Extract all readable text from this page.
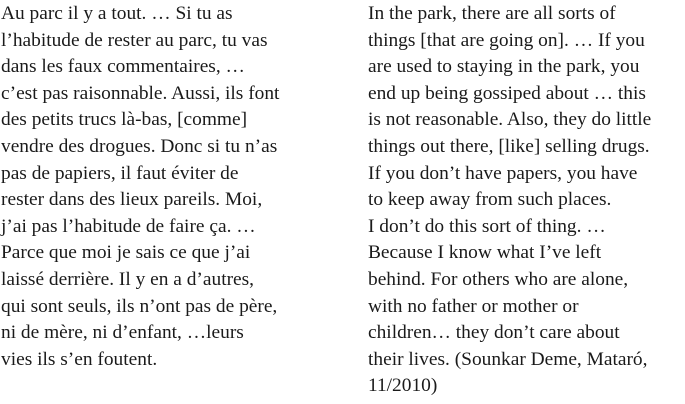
Au parc il y a tout. … Si tu as
l’habitude de rester au parc, tu vas
dans les faux commentaires, …
c’est pas raisonnable. Aussi, ils font
des petits trucs là-bas, [comme]
vendre des drogues. Donc si tu n’as
pas de papiers, il faut éviter de
rester dans des lieux pareils. Moi,
j’ai pas l’habitude de faire ça. …
Parce que moi je sais ce que j’ai
laissé derrière. Il y en a d’autres,
qui sont seuls, ils n’ont pas de père,
ni de mère, ni d’enfant, …leurs
vies ils s’en foutent.
In the park, there are all sorts of
things [that are going on]. … If you
are used to staying in the park, you
end up being gossiped about … this
is not reasonable. Also, they do little
things out there, [like] selling drugs.
If you don’t have papers, you have
to keep away from such places.
I don’t do this sort of thing. …
Because I know what I’ve left
behind. For others who are alone,
with no father or mother or
children… they don’t care about
their lives. (Sounkar Deme, Mataró,
11/2010)
